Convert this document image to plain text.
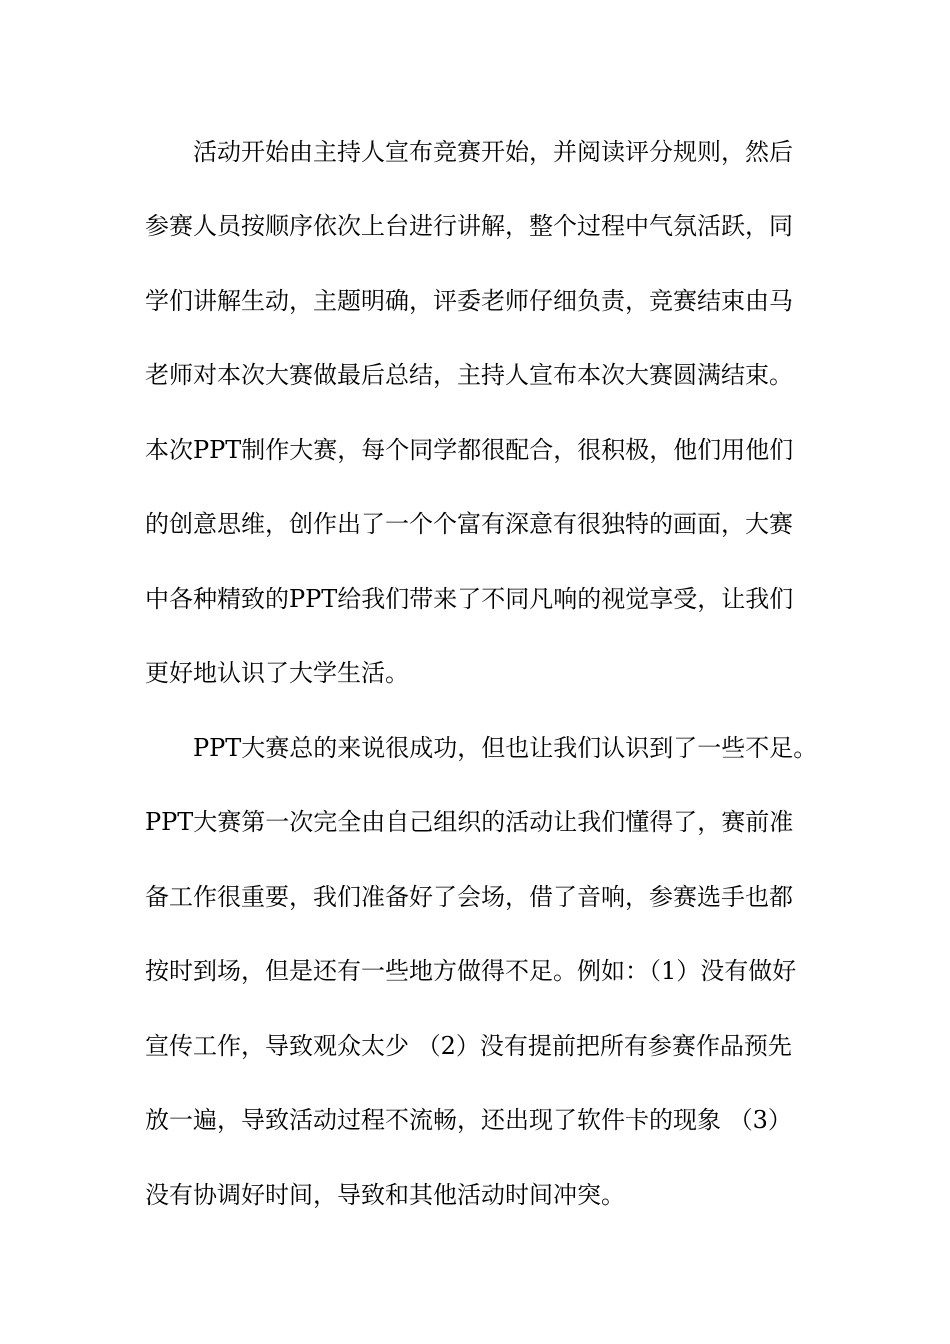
　　活动开始由主持人宣布竞赛开始，并阅读评分规则，然后
参赛人员按顺序依次上台进行讲解，整个过程中气氛活跃，同
学们讲解生动，主题明确，评委老师仔细负责，竞赛结束由马
老师对本次大赛做最后总结，主持人宣布本次大赛圆满结束。
本次PPT制作大赛，每个同学都很配合，很积极，他们用他们
的创意思维，创作出了一个个富有深意有很独特的画面，大赛
中各种精致的PPT给我们带来了不同凡响的视觉享受，让我们
更好地认识了大学生活。
　　PPT大赛总的来说很成功，但也让我们认识到了一些不足。
PPT大赛第一次完全由自己组织的活动让我们懂得了，赛前准
备工作很重要，我们准备好了会场，借了音响，参赛选手也都
按时到场，但是还有一些地方做得不足。例如：（1）没有做好
宣传工作，导致观众太少 （2）没有提前把所有参赛作品预先
放一遍，导致活动过程不流畅，还出现了软件卡的现象 （3）
没有协调好时间，导致和其他活动时间冲突。
